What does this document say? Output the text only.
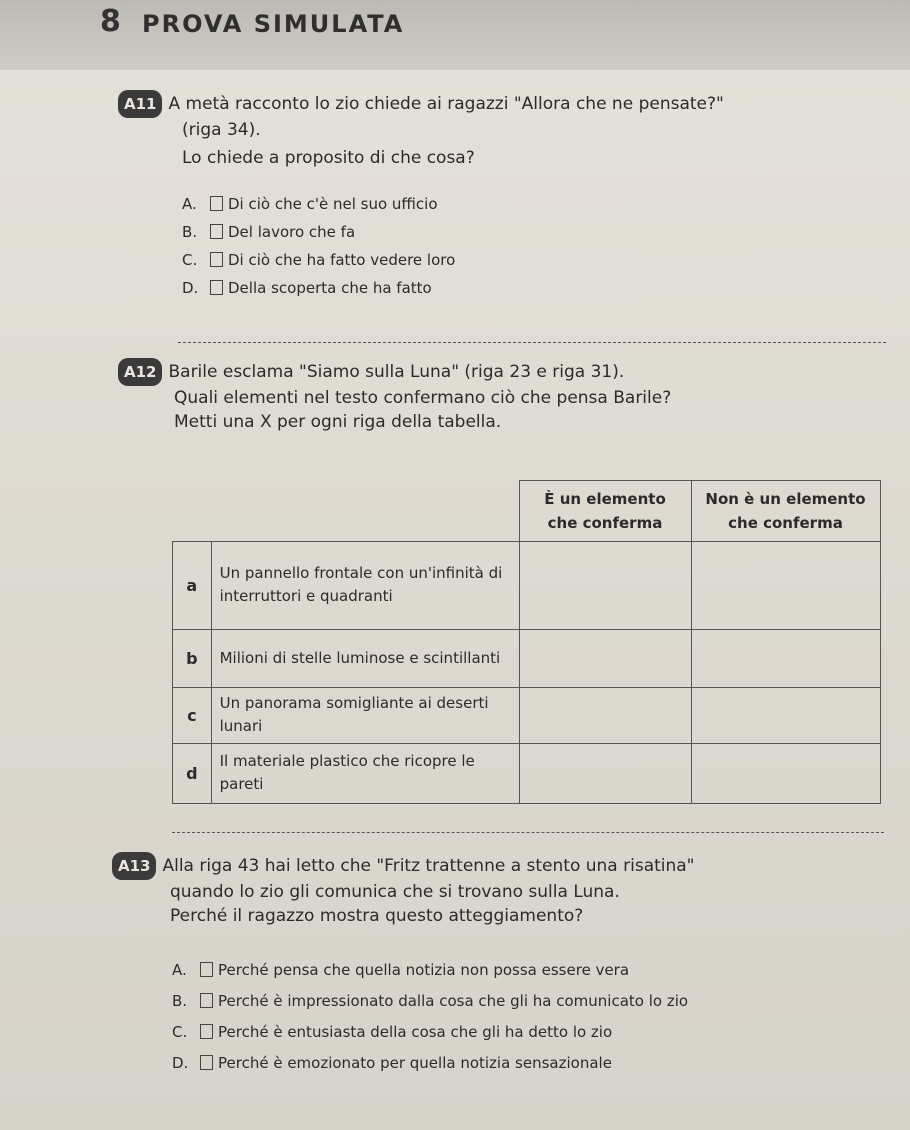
8 PROVA SIMULATA
A11 A metà racconto lo zio chiede ai ragazzi "Allora che ne pensate?"
(riga 34).
Lo chiede a proposito di che cosa?
A. Di ciò che c'è nel suo ufficio
B. Del lavoro che fa
C. Di ciò che ha fatto vedere loro
D. Della scoperta che ha fatto
A12 Barile esclama "Siamo sulla Luna" (riga 23 e riga 31).
Quali elementi nel testo confermano ciò che pensa Barile?
Metti una X per ogni riga della tabella.
		È un elemento che conferma	Non è un elemento che conferma
a	Un pannello frontale con un'infinità di interruttori e quadranti		
b	Milioni di stelle luminose e scintillanti		
c	Un panorama somigliante ai deserti lunari		
d	Il materiale plastico che ricopre le pareti		
A13 Alla riga 43 hai letto che "Fritz trattenne a stento una risatina"
quando lo zio gli comunica che si trovano sulla Luna.
Perché il ragazzo mostra questo atteggiamento?
A. Perché pensa che quella notizia non possa essere vera
B. Perché è impressionato dalla cosa che gli ha comunicato lo zio
C. Perché è entusiasta della cosa che gli ha detto lo zio
D. Perché è emozionato per quella notizia sensazionale
